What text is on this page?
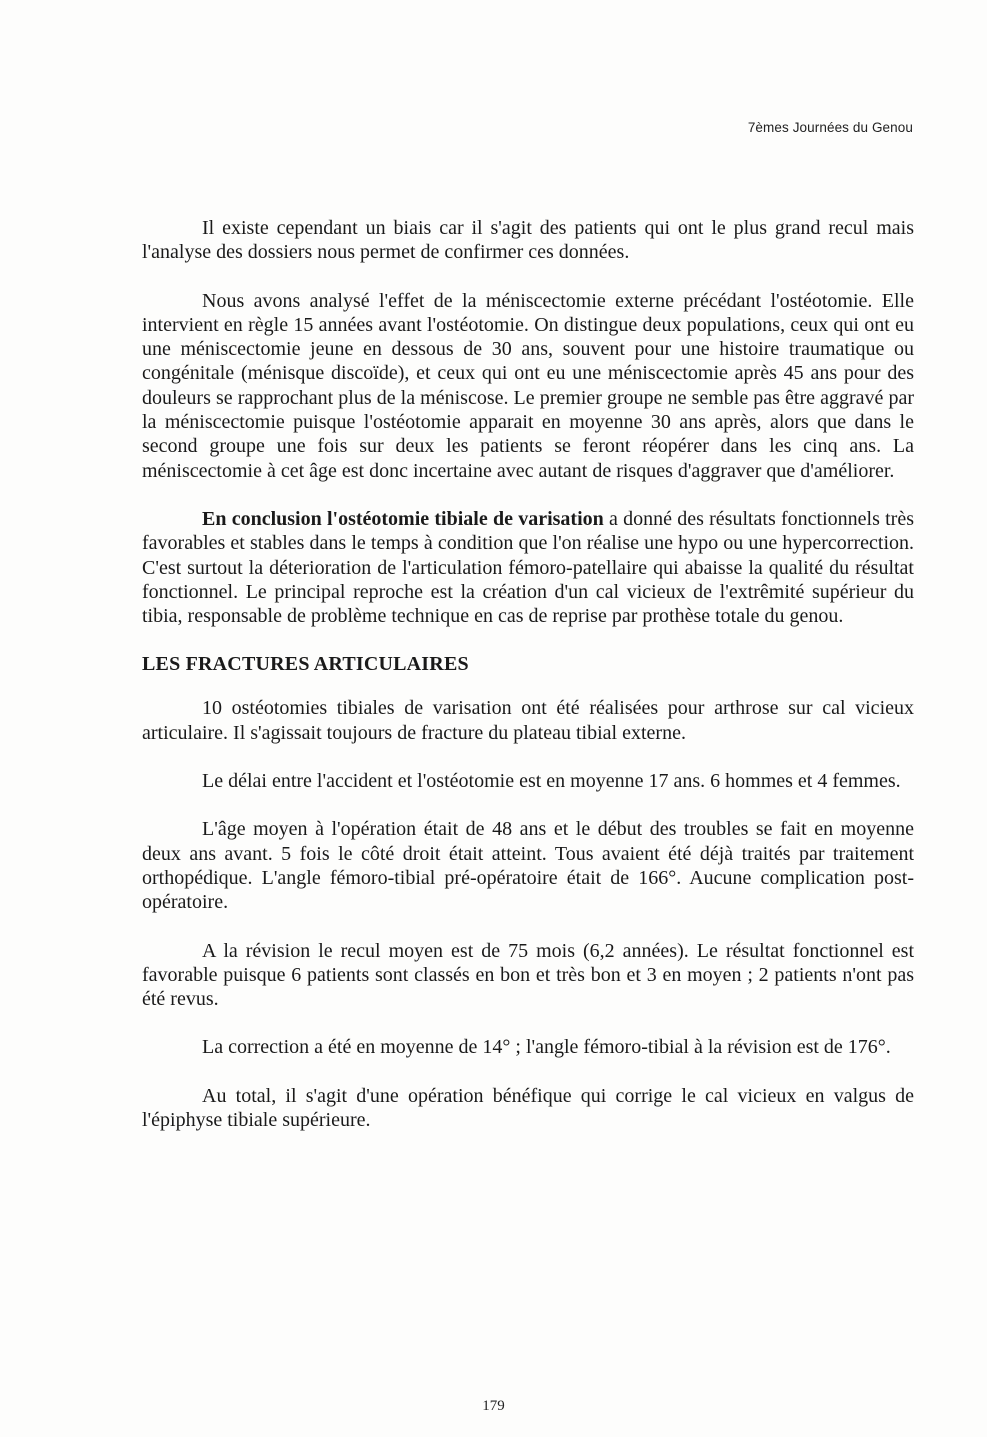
7èmes Journées du Genou

Il existe cependant un biais car il s'agit des patients qui ont le plus grand recul mais l'analyse des dossiers nous permet de confirmer ces données.

Nous avons analysé l'effet de la méniscectomie externe précédant l'ostéotomie. Elle intervient en règle 15 années avant l'ostéotomie. On distingue deux populations, ceux qui ont eu une méniscectomie jeune en dessous de 30 ans, souvent pour une histoire traumatique ou congénitale (ménisque discoïde), et ceux qui ont eu une méniscectomie après 45 ans pour des douleurs se rapprochant plus de la méniscose. Le premier groupe ne semble pas être aggravé par la méniscectomie puisque l'ostéotomie apparait en moyenne 30 ans après, alors que dans le second groupe une fois sur deux les patients se feront réopérer dans les cinq ans. La méniscectomie à cet âge est donc incertaine avec autant de risques d'aggraver que d'améliorer.

En conclusion l'ostéotomie tibiale de varisation a donné des résultats fonctionnels très favorables et stables dans le temps à condition que l'on réalise une hypo ou une hypercorrection. C'est surtout la déterioration de l'articulation fémoro-patellaire qui abaisse la qualité du résultat fonctionnel. Le principal reproche est la création d'un cal vicieux de l'extrêmité supérieur du tibia, responsable de problème technique en cas de reprise par prothèse totale du genou.

LES FRACTURES ARTICULAIRES

10 ostéotomies tibiales de varisation ont été réalisées pour arthrose sur cal vicieux articulaire. Il s'agissait toujours de fracture du plateau tibial externe.

Le délai entre l'accident et l'ostéotomie est en moyenne 17 ans. 6 hommes et 4 femmes.

L'âge moyen à l'opération était de 48 ans et le début des troubles se fait en moyenne deux ans avant. 5 fois le côté droit était atteint. Tous avaient été déjà traités par traitement orthopédique. L'angle fémoro-tibial pré-opératoire était de 166°. Aucune complication post-opératoire.

A la révision le recul moyen est de 75 mois (6,2 années). Le résultat fonctionnel est favorable puisque 6 patients sont classés en bon et très bon et 3 en moyen ; 2 patients n'ont pas été revus.

La correction a été en moyenne de 14° ; l'angle fémoro-tibial à la révision est de 176°.

Au total, il s'agit d'une opération bénéfique qui corrige le cal vicieux en valgus de l'épiphyse tibiale supérieure.

179
